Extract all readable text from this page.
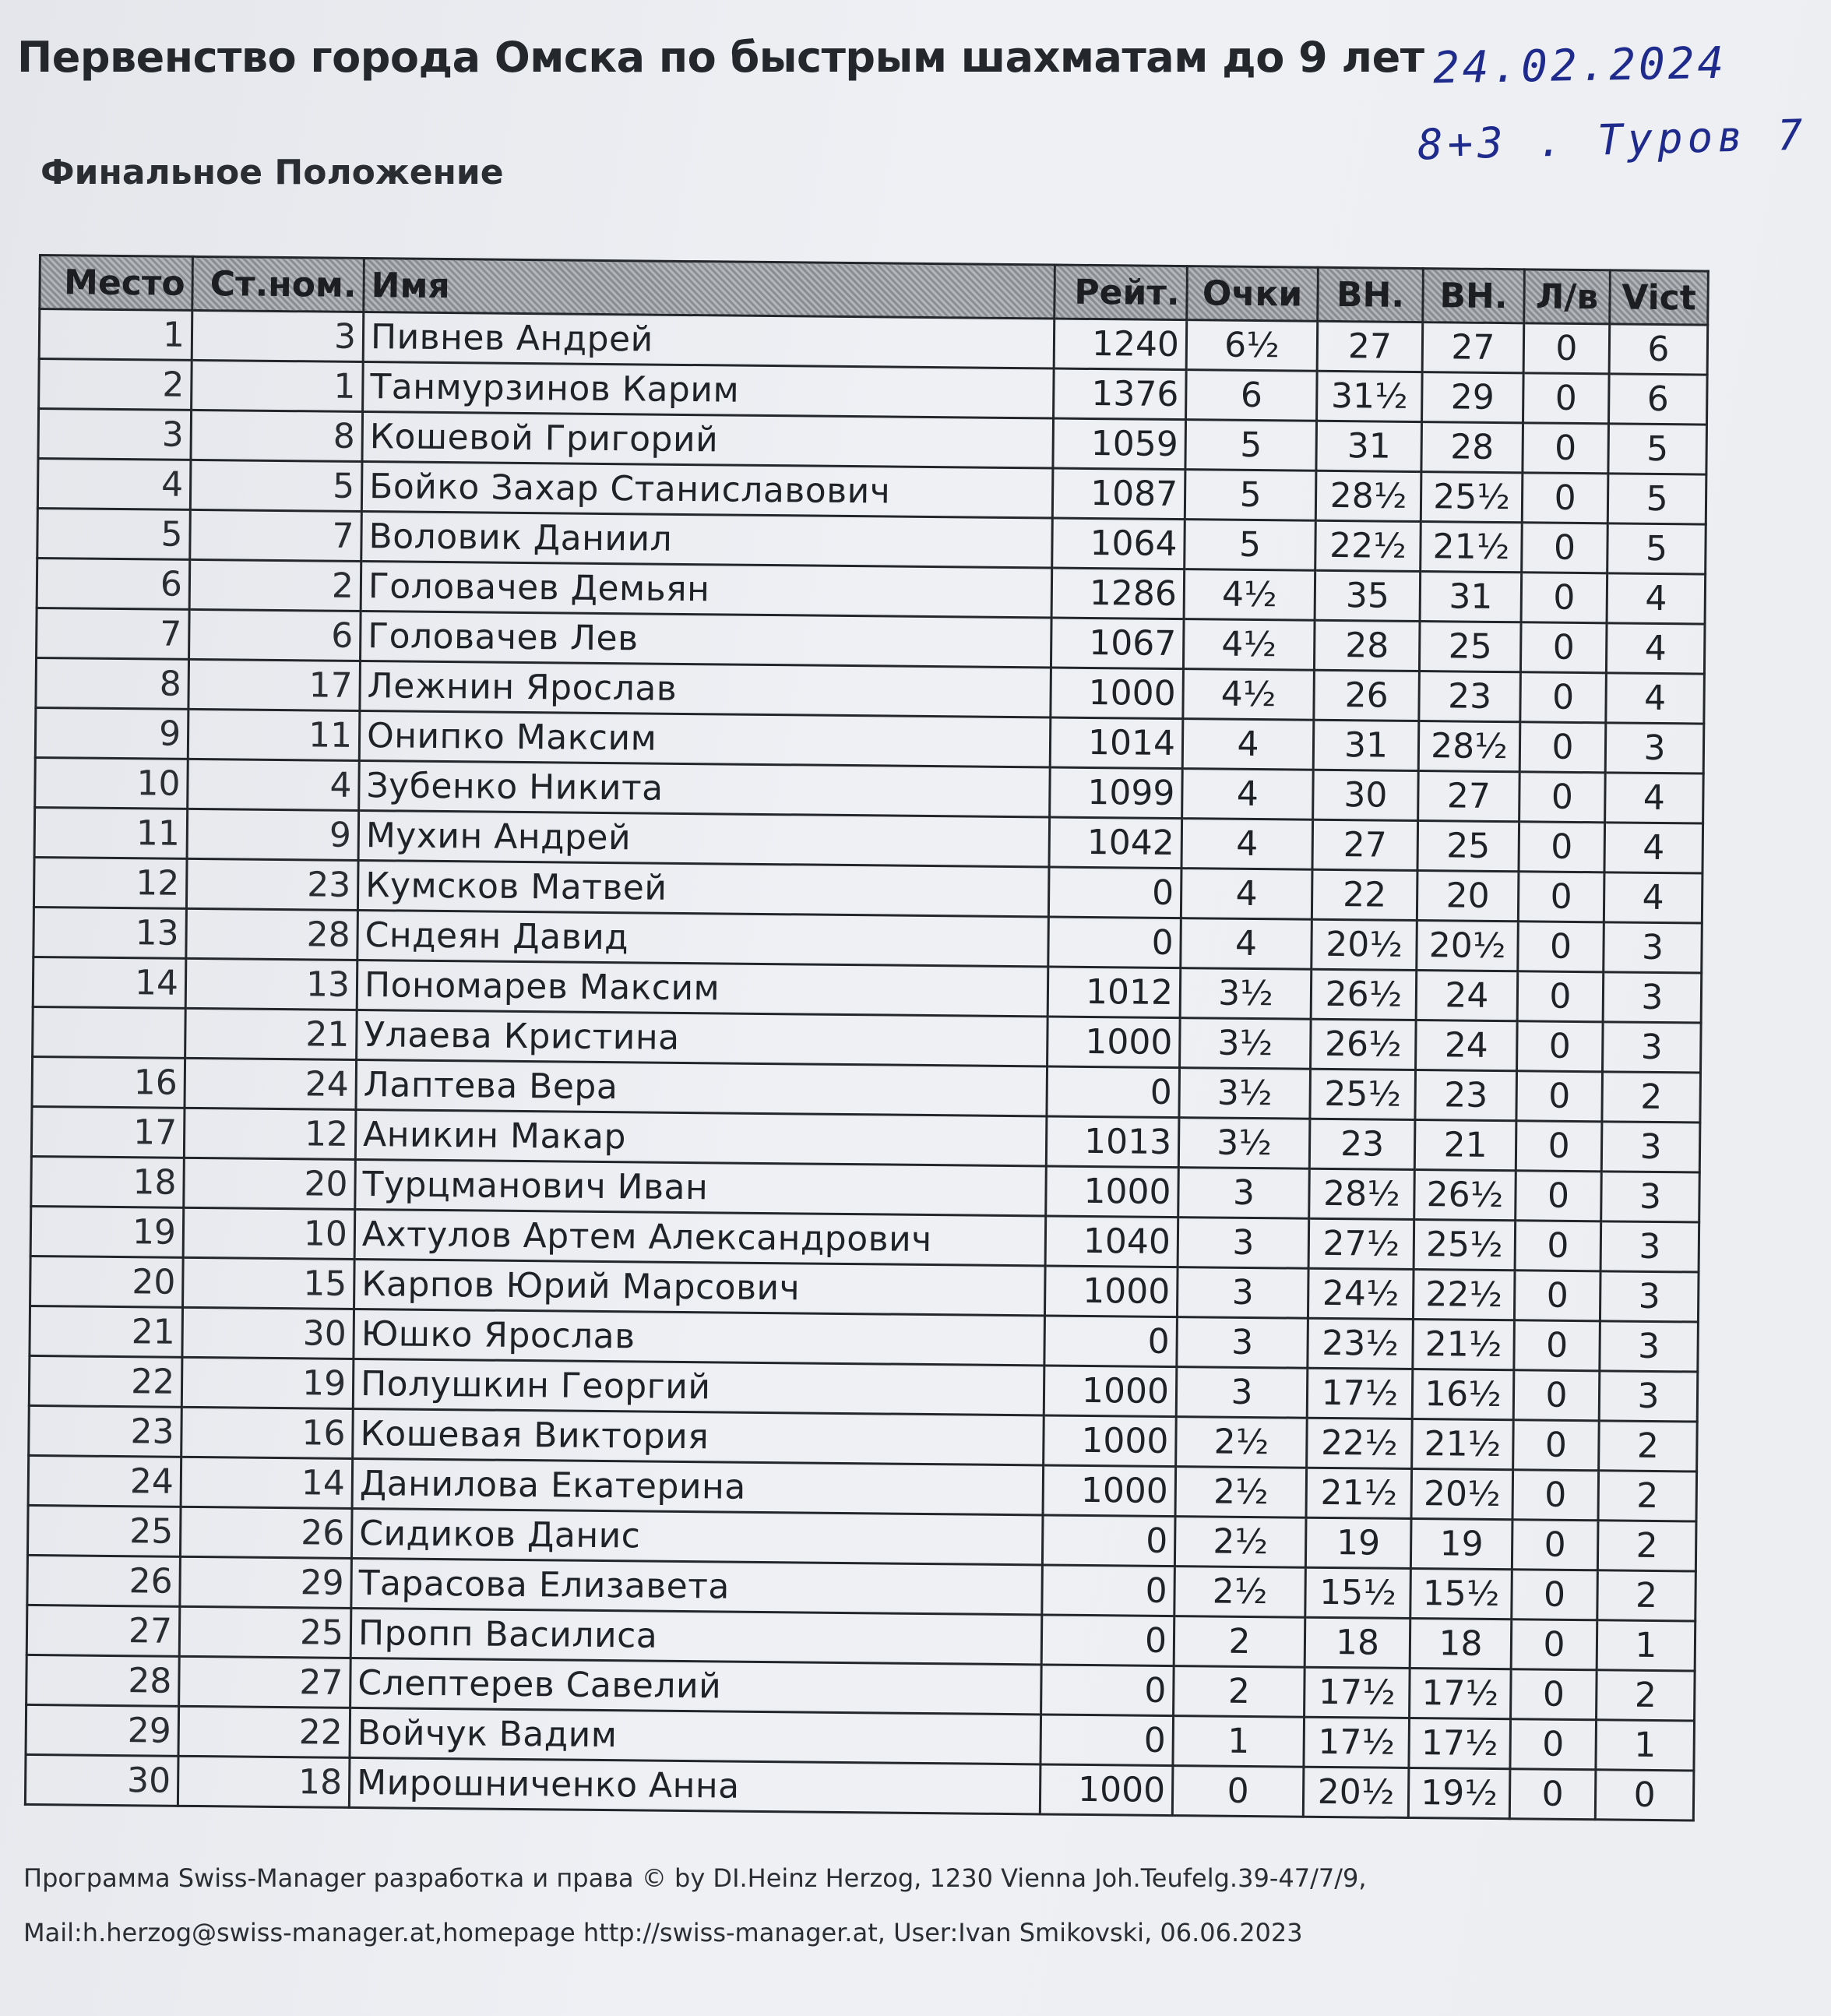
Первенство города Омска по быстрым шахматам до 9 лет
Финальное Положение
24.02.2024
8+3 . Туров 7
Место	Ст.ном.	Имя	Рейт.	Очки	ВН.	ВН.	Л/в	Vict
1	3	Пивнев Андрей	1240	6½	27	27	0	6
2	1	Танмурзинов Карим	1376	6	31½	29	0	6
3	8	Кошевой Григорий	1059	5	31	28	0	5
4	5	Бойко Захар Станиславович	1087	5	28½	25½	0	5
5	7	Воловик Даниил	1064	5	22½	21½	0	5
6	2	Головачев Демьян	1286	4½	35	31	0	4
7	6	Головачев Лев	1067	4½	28	25	0	4
8	17	Лежнин Ярослав	1000	4½	26	23	0	4
9	11	Онипко Максим	1014	4	31	28½	0	3
10	4	Зубенко Никита	1099	4	30	27	0	4
11	9	Мухин Андрей	1042	4	27	25	0	4
12	23	Кумсков Матвей	0	4	22	20	0	4
13	28	Сндеян Давид	0	4	20½	20½	0	3
14	13	Пономарев Максим	1012	3½	26½	24	0	3
	21	Улаева Кристина	1000	3½	26½	24	0	3
16	24	Лаптева Вера	0	3½	25½	23	0	2
17	12	Аникин Макар	1013	3½	23	21	0	3
18	20	Турцманович Иван	1000	3	28½	26½	0	3
19	10	Ахтулов Артем Александрович	1040	3	27½	25½	0	3
20	15	Карпов Юрий Марсович	1000	3	24½	22½	0	3
21	30	Юшко Ярослав	0	3	23½	21½	0	3
22	19	Полушкин Георгий	1000	3	17½	16½	0	3
23	16	Кошевая Виктория	1000	2½	22½	21½	0	2
24	14	Данилова Екатерина	1000	2½	21½	20½	0	2
25	26	Сидиков Данис	0	2½	19	19	0	2
26	29	Тарасова Елизавета	0	2½	15½	15½	0	2
27	25	Пропп Василиса	0	2	18	18	0	1
28	27	Слептерев Савелий	0	2	17½	17½	0	2
29	22	Войчук Вадим	0	1	17½	17½	0	1
30	18	Мирошниченко Анна	1000	0	20½	19½	0	0
Программа Swiss-Manager разработка и права © by DI.Heinz Herzog, 1230 Vienna Joh.Teufelg.39-47/7/9,
Mail:h.herzog@swiss-manager.at,homepage http://swiss-manager.at, User:Ivan Smikovski, 06.06.2023
